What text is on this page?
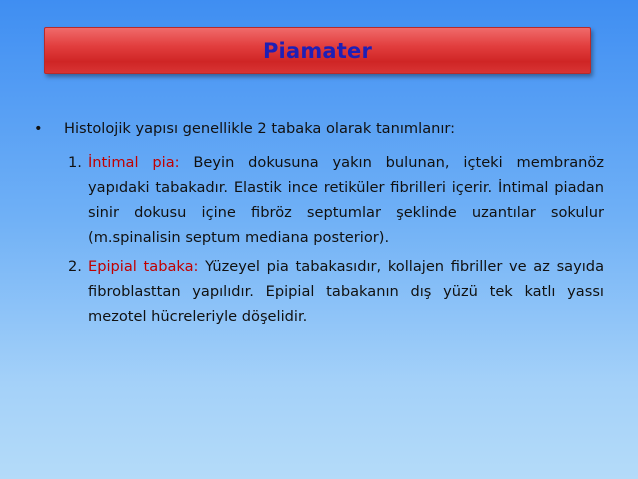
Piamater
•	Histolojik yapısı genellikle 2 tabaka olarak tanımlanır:
1. İntimal pia: Beyin dokusuna yakın bulunan, içteki membranöz yapıdaki tabakadır. Elastik ince retiküler fibrilleri içerir. İntimal piadan sinir dokusu içine fibröz septumlar şeklinde uzantılar sokulur (m.spinalisin septum mediana posterior).
2. Epipial tabaka: Yüzeyel pia tabakasıdır, kollajen fibriller ve az sayıda fibroblasttan yapılıdır. Epipial tabakanın dış yüzü tek katlı yassı mezotel hücreleriyle döşelidir.
